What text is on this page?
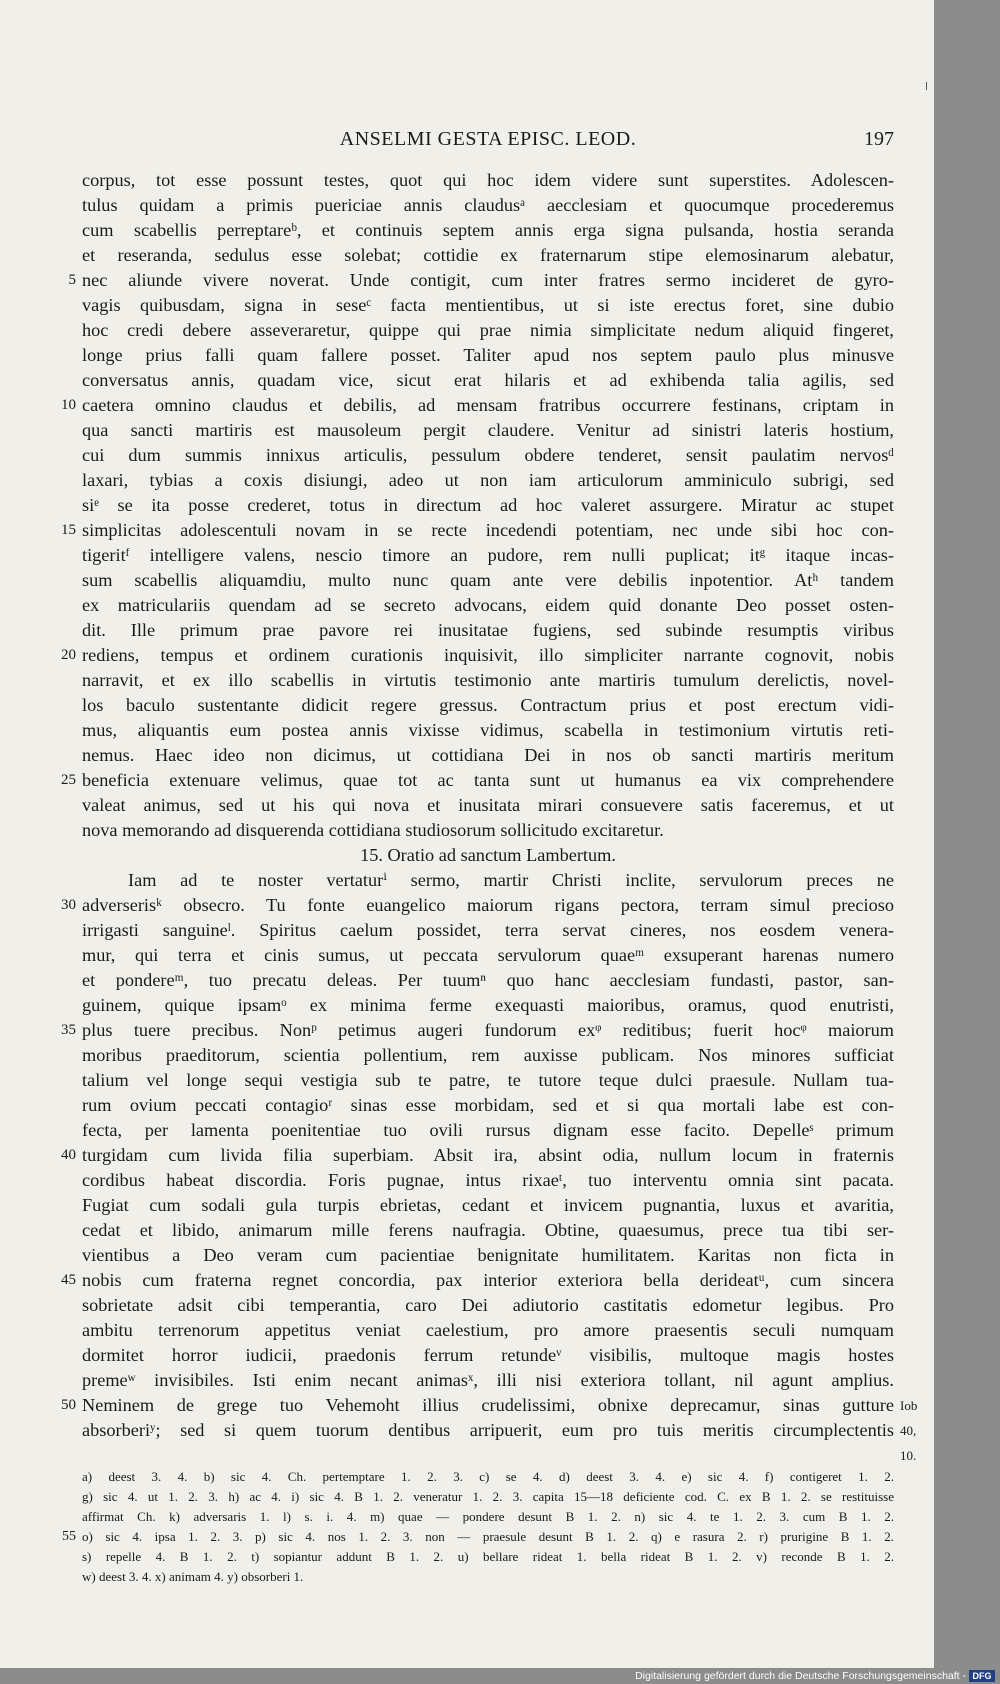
ANSELMI GESTA EPISC. LEOD.	197
corpus, tot esse possunt testes, quot qui hoc idem videre sunt superstites. Adolescen-
tulus quidam a primis puericiae annis claudusᵃ aecclesiam et quocumque procederemus
cum scabellis perreptareᵇ, et continuis septem annis erga signa pulsanda, hostia seranda
et reseranda, sedulus esse solebat; cottidie ex fraternarum stipe elemosinarum alebatur,
nec aliunde vivere noverat. Unde contigit, cum inter fratres sermo incideret de gyro-
5
vagis quibusdam, signa in seseᶜ facta mentientibus, ut si iste erectus foret, sine dubio
hoc credi debere asseveraretur, quippe qui prae nimia simplicitate nedum aliquid fingeret,
longe prius falli quam fallere posset. Taliter apud nos septem paulo plus minusve
conversatus annis, quadam vice, sicut erat hilaris et ad exhibenda talia agilis, sed
caetera omnino claudus et debilis, ad mensam fratribus occurrere festinans, criptam in
10
qua sancti martiris est mausoleum pergit claudere. Venitur ad sinistri lateris hostium,
cui dum summis innixus articulis, pessulum obdere tenderet, sensit paulatim nervosᵈ
laxari, tybias a coxis disiungi, adeo ut non iam articulorum amminiculo subrigi, sed
siᵉ se ita posse crederet, totus in directum ad hoc valeret assurgere. Miratur ac stupet
simplicitas adolescentuli novam in se recte incedendi potentiam, nec unde sibi hoc con-
15
tigeritᶠ intelligere valens, nescio timore an pudore, rem nulli puplicat; itᵍ itaque incas-
sum scabellis aliquamdiu, multo nunc quam ante vere debilis inpotentior. Atʰ tandem
ex matriculariis quendam ad se secreto advocans, eidem quid donante Deo posset osten-
dit. Ille primum prae pavore rei inusitatae fugiens, sed subinde resumptis viribus
rediens, tempus et ordinem curationis inquisivit, illo simpliciter narrante cognovit, nobis
20
narravit, et ex illo scabellis in virtutis testimonio ante martiris tumulum derelictis, novel-
los baculo sustentante didicit regere gressus. Contractum prius et post erectum vidi-
mus, aliquantis eum postea annis vixisse vidimus, scabella in testimonium virtutis reti-
nemus. Haec ideo non dicimus, ut cottidiana Dei in nos ob sancti martiris meritum
beneficia extenuare velimus, quae tot ac tanta sunt ut humanus ea vix comprehendere
25
valeat animus, sed ut his qui nova et inusitata mirari consuevere satis faceremus, et ut
nova memorando ad disquerenda cottidiana studiosorum sollicitudo excitaretur.
15. Oratio ad sanctum Lambertum.
Iam ad te noster vertaturⁱ sermo, martir Christi inclite, servulorum preces ne
adverserisᵏ obsecro. Tu fonte euangelico maiorum rigans pectora, terram simul precioso
30
irrigasti sanguineˡ. Spiritus caelum possidet, terra servat cineres, nos eosdem venera-
mur, qui terra et cinis sumus, ut peccata servulorum quaeᵐ exsuperant harenas numero
et pondereᵐ, tuo precatu deleas. Per tuumⁿ quo hanc aecclesiam fundasti, pastor, san-
guinem, quique ipsamᵒ ex minima ferme exequasti maioribus, oramus, quod enutristi,
plus tuere precibus. Nonᵖ petimus augeri fundorum exᵠ reditibus; fuerit hocᵠ maiorum
35
moribus praeditorum, scientia pollentium, rem auxisse publicam. Nos minores sufficiat
talium vel longe sequi vestigia sub te patre, te tutore teque dulci praesule. Nullam tua-
rum ovium peccati contagioʳ sinas esse morbidam, sed et si qua mortali labe est con-
fecta, per lamenta poenitentiae tuo ovili rursus dignam esse facito. Depelleˢ primum
turgidam cum livida filia superbiam. Absit ira, absint odia, nullum locum in fraternis
40
cordibus habeat discordia. Foris pugnae, intus rixaeᵗ, tuo interventu omnia sint pacata.
Fugiat cum sodali gula turpis ebrietas, cedant et invicem pugnantia, luxus et avaritia,
cedat et libido, animarum mille ferens naufragia. Obtine, quaesumus, prece tua tibi ser-
vientibus a Deo veram cum pacientiae benignitate humilitatem. Karitas non ficta in
nobis cum fraterna regnet concordia, pax interior exteriora bella derideatᵘ, cum sincera
45
sobrietate adsit cibi temperantia, caro Dei adiutorio castitatis edometur legibus. Pro
ambitu terrenorum appetitus veniat caelestium, pro amore praesentis seculi numquam
dormitet horror iudicii, praedonis ferrum retundeᵛ visibilis, multoque magis hostes
premeʷ invisibiles. Isti enim necant animasˣ, illi nisi exteriora tollant, nil agunt amplius.
Neminem de grege tuo Vehemoht illius crudelissimi, obnixe deprecamur, sinas gutture
50	Iob 40, 10.
absorberiʸ; sed si quem tuorum dentibus arripuerit, eum pro tuis meritis circumplectentis
a) deest 3. 4. b) sic 4. Ch. pertemptare 1. 2. 3. c) se 4. d) deest 3. 4. e) sic 4. f) contigeret 1. 2.
g) sic 4. ut 1. 2. 3. h) ac 4. i) sic 4. B 1. 2. veneratur 1. 2. 3. capita 15—18 deficiente cod. C. ex B 1. 2. se restituisse
affirmat Ch. k) adversaris 1. l) s. i. 4. m) quae — pondere desunt B 1. 2. n) sic 4. te 1. 2. 3. cum B 1. 2.
o) sic 4. ipsa 1. 2. 3. p) sic 4. nos 1. 2. 3. non — praesule desunt B 1. 2. q) e rasura 2. r) prurigine B 1. 2.
55
s) repelle 4. B 1. 2. t) sopiantur addunt B 1. 2. u) bellare rideat 1. bella rideat B 1. 2. v) reconde B 1. 2.
w) deest 3. 4. x) animam 4. y) obsorberi 1.
Digitalisierung gefördert durch die Deutsche Forschungsgemeinschaft - DFG
